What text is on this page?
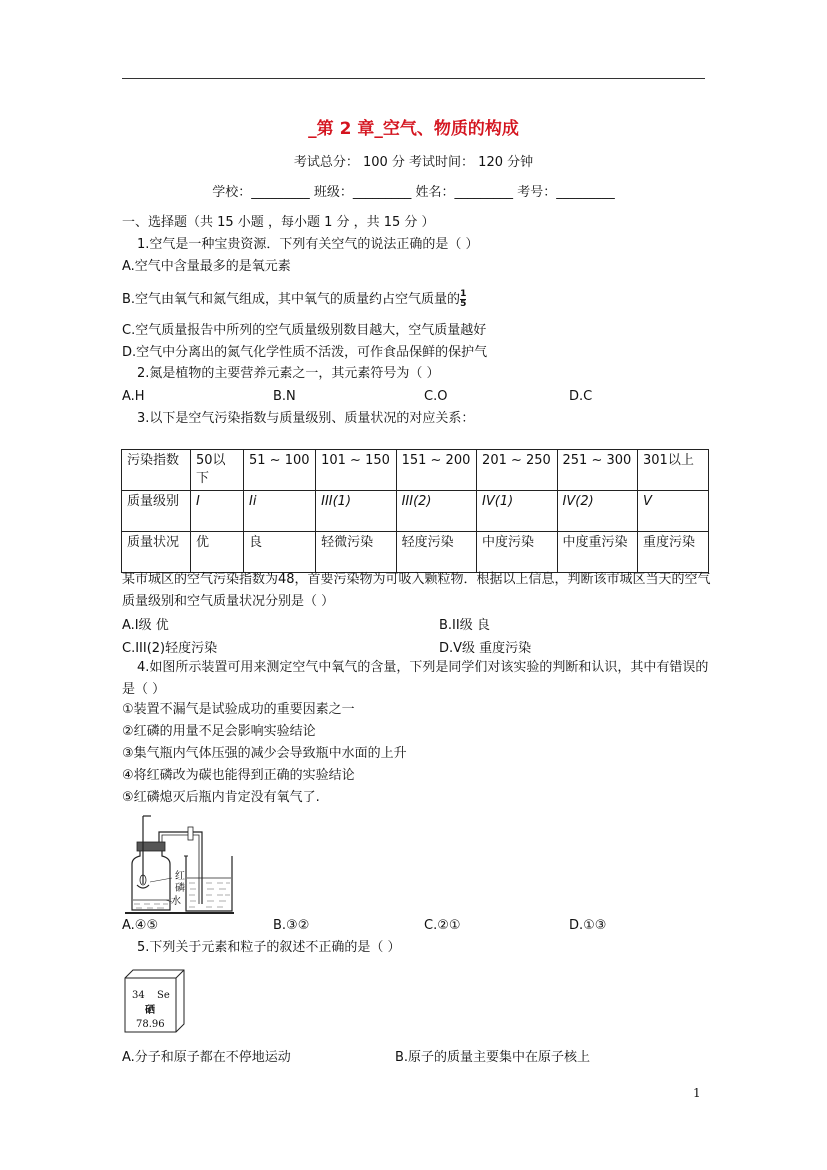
_第 2 章_空气、物质的构成
考试总分： 100 分 考试时间： 120 分钟
学校：_________ 班级：_________ 姓名：_________ 考号：_________
一、选择题（共 15 小题 ，每小题 1 分 ，共 15 分 ）
1.空气是一种宝贵资源．下列有关空气的说法正确的是（ ）
A.空气中含量最多的是氧元素
B.空气由氧气和氮气组成，其中氧气的质量约占空气质量的 $\frac{1}{5}$
C.空气质量报告中所列的空气质量级别数目越大，空气质量越好
D.空气中分离出的氮气化学性质不活泼，可作食品保鲜的保护气
2.氮是植物的主要营养元素之一，其元素符号为（ ）
A.H	B.N	C.O	D.C
3.以下是空气污染指数与质量级别、质量状况的对应关系：
污染指数	50以下	51 ~ 100	101 ~ 150	151 ~ 200	201 ~ 250	251 ~ 300	301以上
质量级别	I	Ii	III(1)	III(2)	IV(1)	IV(2)	V
质量状况	优	良	轻微污染	轻度污染	中度污染	中度重污染	重度污染
某市城区的空气污染指数为48，首要污染物为可吸入颗粒物．根据以上信息，判断该市城区当天的空气质量级别和空气质量状况分别是（ ）
A.I级 优	B.II级 良
C.III(2)轻度污染	D.V级 重度污染
4.如图所示装置可用来测定空气中氧气的含量，下列是同学们对该实验的判断和认识，其中有错误的是（ ）
①装置不漏气是试验成功的重要因素之一
②红磷的用量不足会影响实验结论
③集气瓶内气体压强的减少会导致瓶中水面的上升
④将红磷改为碳也能得到正确的实验结论
⑤红磷熄灭后瓶内肯定没有氧气了.
红
磷
水
A.④⑤	B.③②	C.②①	D.①③
5.下列关于元素和粒子的叙述不正确的是（ ）
34 Se
硒
78.96
A.分子和原子都在不停地运动	B.原子的质量主要集中在原子核上
1
